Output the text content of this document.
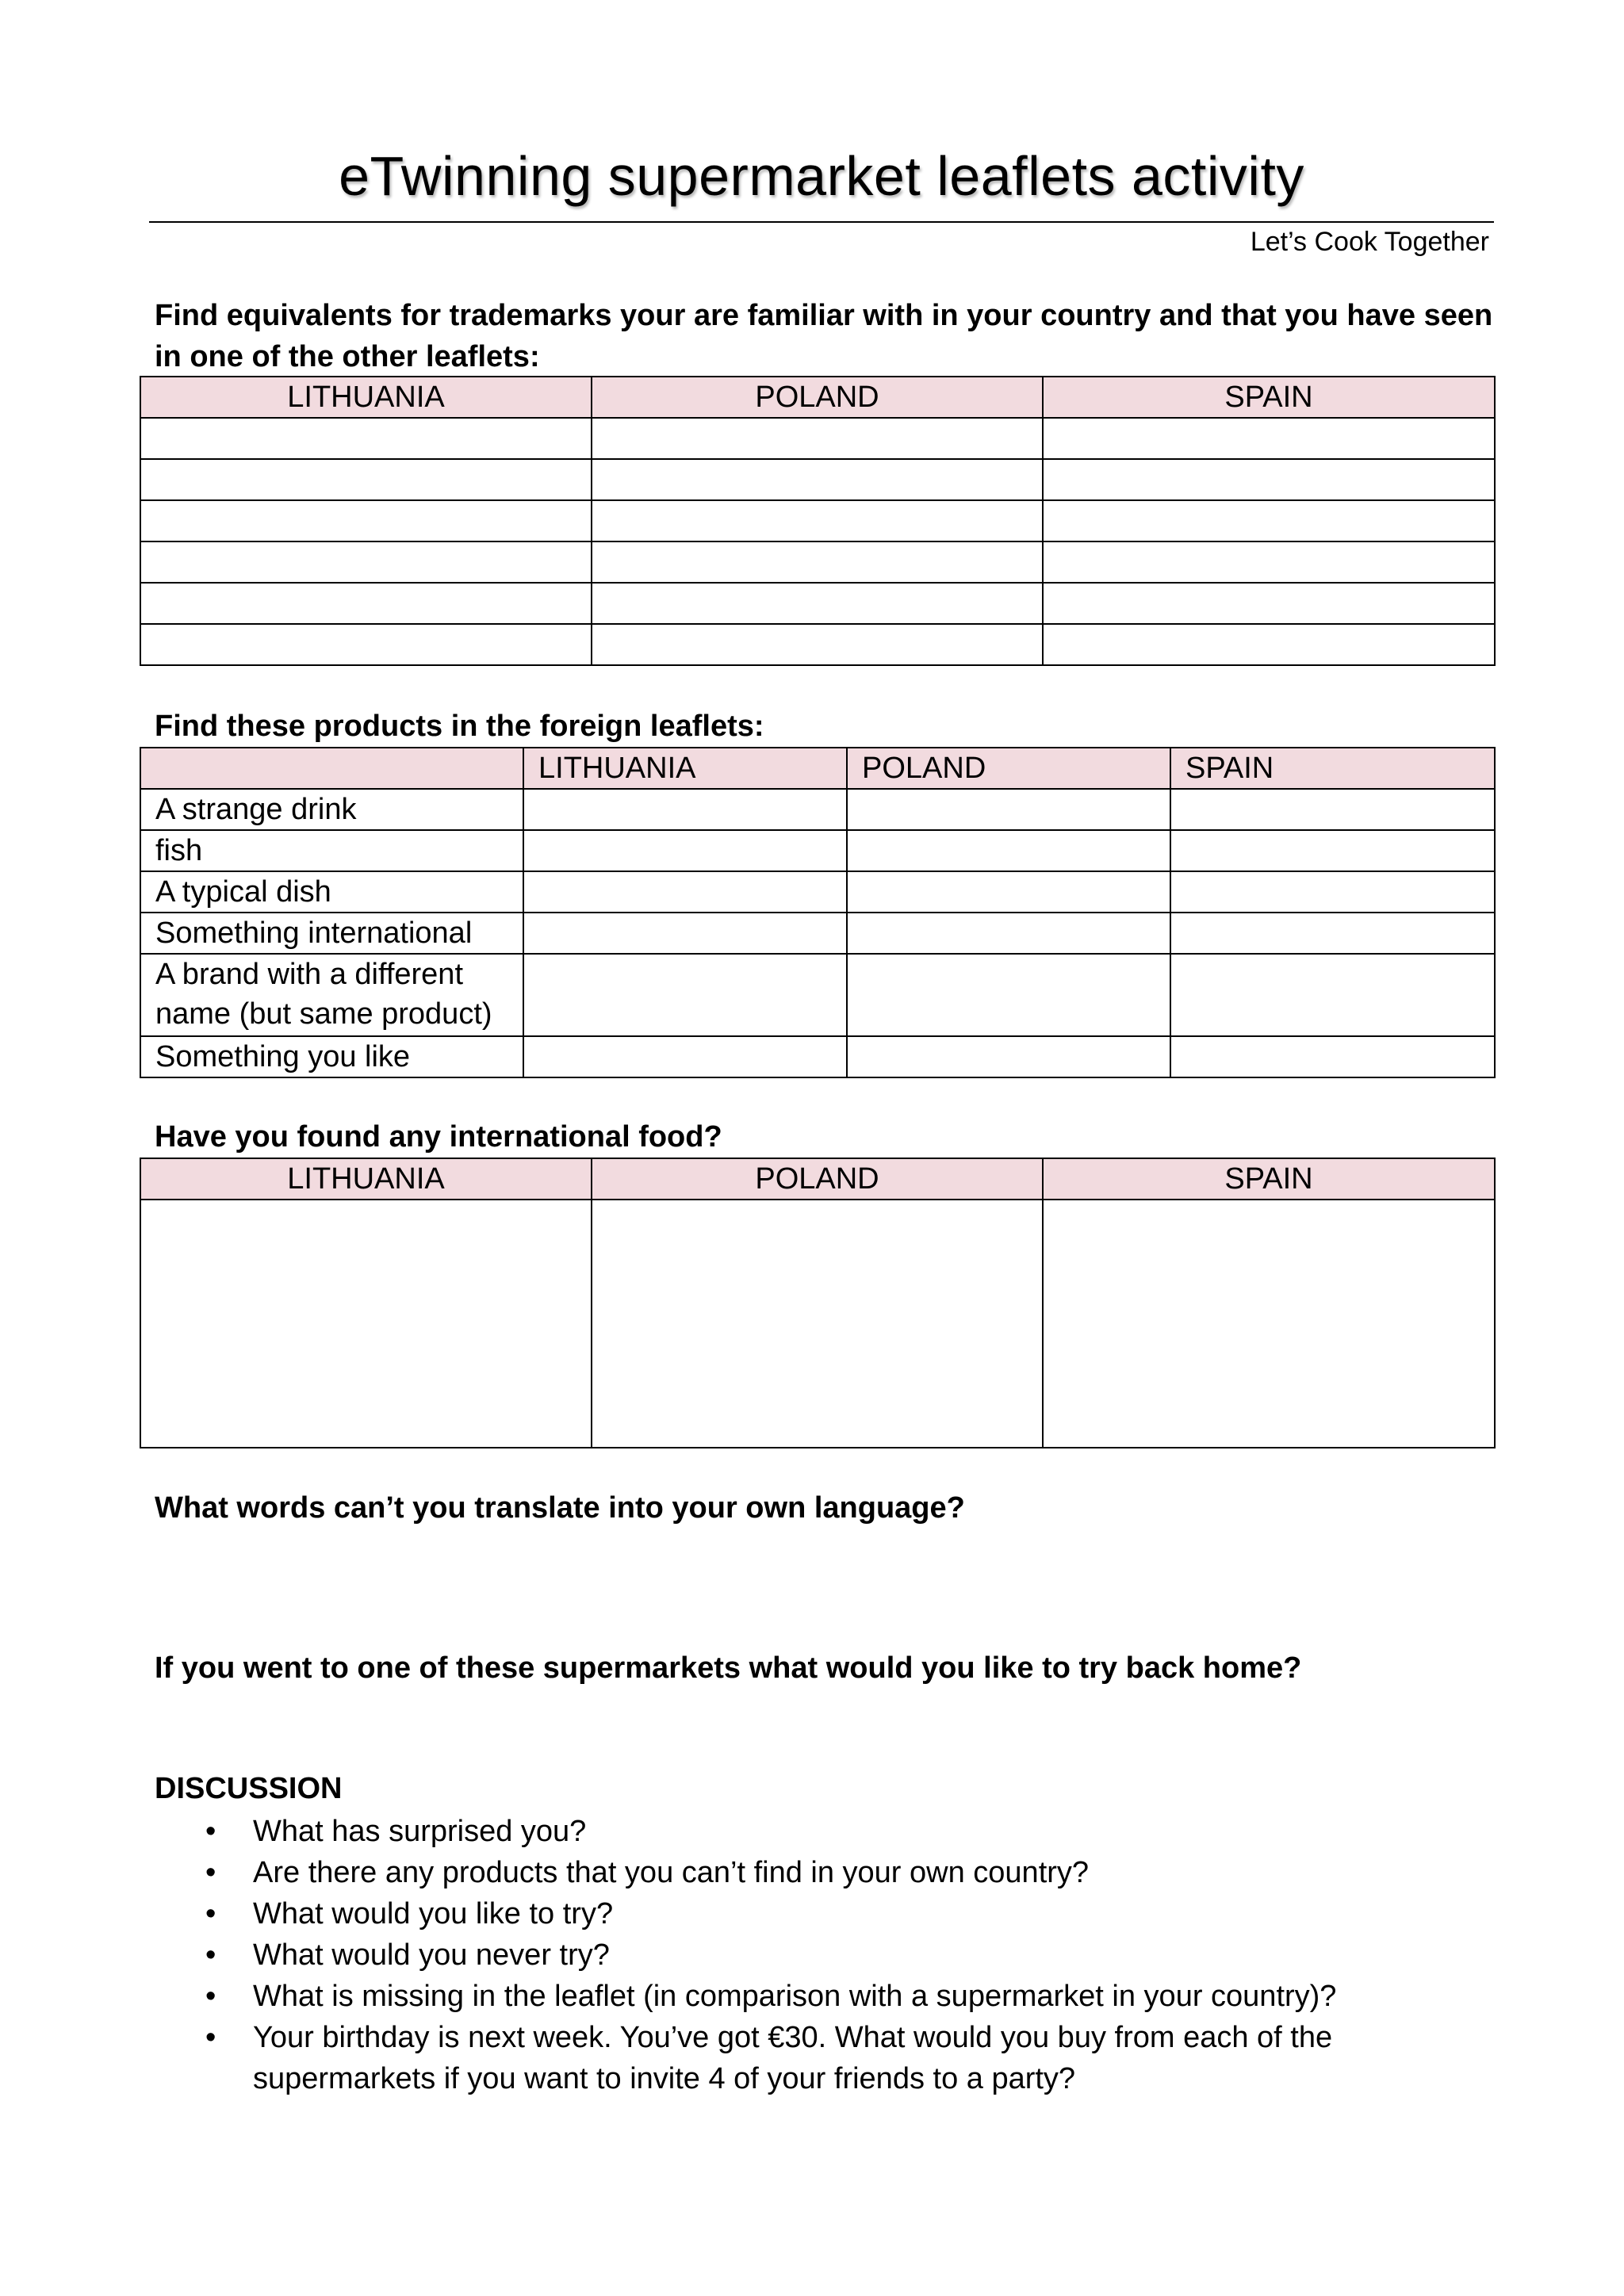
eTwinning supermarket leaflets activity
Let’s Cook Together
Find equivalents for trademarks your are familiar with in your country and that you have seen in one of the other leaflets:
LITHUANIA	POLAND	SPAIN

Find these products in the foreign leaflets:
	LITHUANIA	POLAND	SPAIN
A strange drink			
fish			
A typical dish			
Something international			
A brand with a different name (but same product)			
Something you like			
Have you found any international food?
LITHUANIA	POLAND	SPAIN

What words can’t you translate into your own language?
If you went to one of these supermarkets what would you like to try back home?
DISCUSSION
• What has surprised you?
• Are there any products that you can’t find in your own country?
• What would you like to try?
• What would you never try?
• What is missing in the leaflet (in comparison with a supermarket in your country)?
• Your birthday is next week. You’ve got €30. What would you buy from each of the supermarkets if you want to invite 4 of your friends to a party?
